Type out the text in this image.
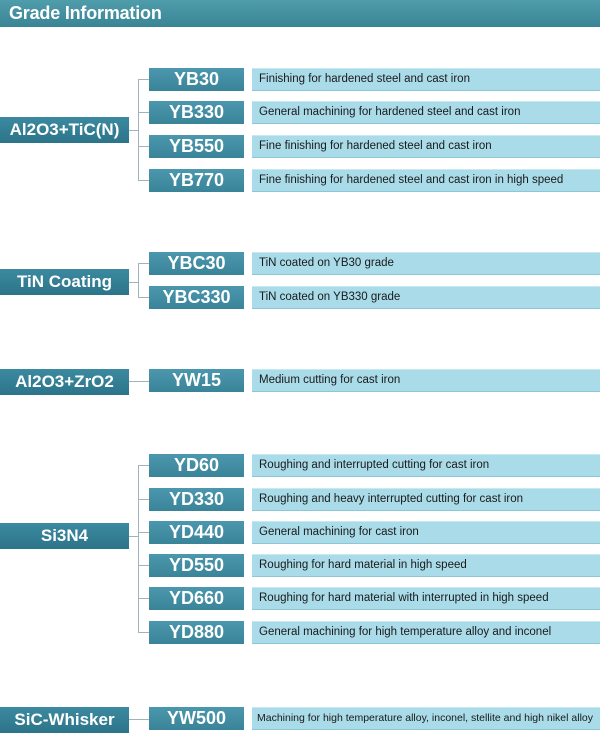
Grade Information
Al2O3+TiC(N)
YB30	Finishing for hardened steel and cast iron
YB330	General machining for hardened steel and cast iron
YB550	Fine finishing for hardened steel and cast iron
YB770	Fine finishing for hardened steel and cast iron in high speed
TiN Coating
YBC30	TiN coated on YB30 grade
YBC330	TiN coated on YB330 grade
Al2O3+ZrO2	YW15	Medium cutting for cast iron
Si3N4
YD60	Roughing and interrupted cutting for cast iron
YD330	Roughing and heavy interrupted cutting for cast iron
YD440	General machining for cast iron
YD550	Roughing for hard material in high speed
YD660	Roughing for hard material with interrupted in high speed
YD880	General machining for high temperature alloy and inconel
SiC-Whisker	YW500	Machining for high temperature alloy, inconel, stellite and high nikel alloy
